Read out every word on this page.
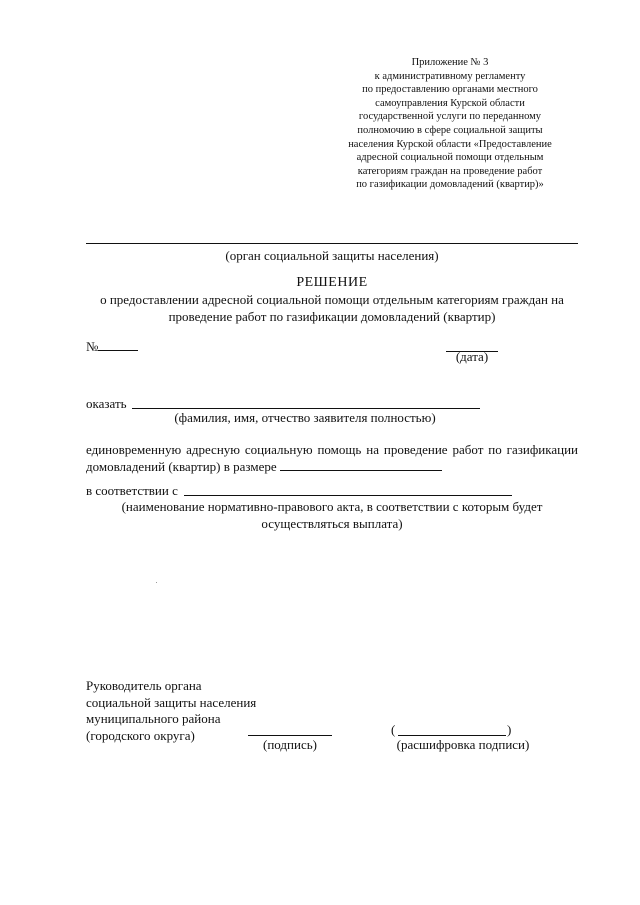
Приложение № 3
к административному регламенту
по предоставлению органами местного
самоуправления Курской области
государственной услуги по переданному
полномочию в сфере социальной защиты
населения Курской области «Предоставление
адресной социальной помощи отдельным
категориям граждан на проведение работ
по газификации домовладений (квартир)»
(орган социальной защиты населения)
РЕШЕНИЕ
о предоставлении адресной социальной помощи отдельным категориям граждан на
проведение работ по газификации домовладений (квартир)
№
(дата)
оказать
(фамилия, имя, отчество заявителя полностью)
единовременную адресную социальную помощь на проведение работ по газификации
домовладений (квартир) в размере
в соответствии с
(наименование нормативно-правового акта, в соответствии с которым будет
осуществляться выплата)
Руководитель органа
социальной защиты населения
муниципального района
(городского округа)
(подпись)
(	)
(расшифровка подписи)
